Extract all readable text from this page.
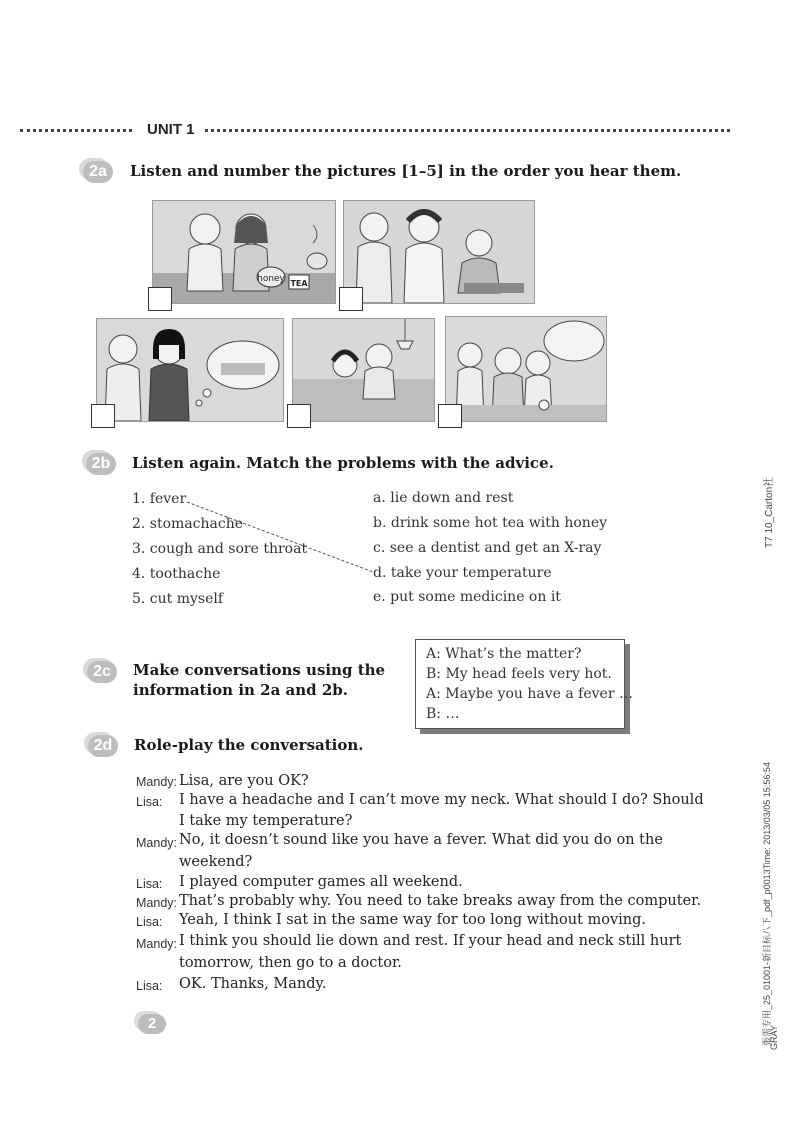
UNIT 1
2a	Listen and number the pictures [1–5] in the order you hear them.
honey TEA
2b	Listen again. Match the problems with the advice.
1. fever
2. stomachache
3. cough and sore throat
4. toothache
5. cut myself
a. lie down and rest
b. drink some hot tea with honey
c. see a dentist and get an X-ray
d. take your temperature
e. put some medicine on it
2c	Make conversations using the
information in 2a and 2b.
A: What’s the matter?
B: My head feels very hot.
A: Maybe you have a fever …
B: …
2d	Role-play the conversation.
Mandy: Lisa, are you OK?
Lisa: I have a headache and I can’t move my neck. What should I do? Should
I take my temperature?
Mandy: No, it doesn’t sound like you have a fever. What did you do on the
weekend?
Lisa: I played computer games all weekend.
Mandy: That’s probably why. You need to take breaks away from the computer.
Lisa: Yeah, I think I sat in the same way for too long without moving.
Mandy: I think you should lie down and rest. If your head and neck still hurt
tomorrow, then go to a doctor.
Lisa: OK. Thanks, Mandy.
2
T7 10_Carton社
張需专用_25_01001-新目标八下_pdf_p0013Time: 2013/03/05 15:56:54
GRAY
